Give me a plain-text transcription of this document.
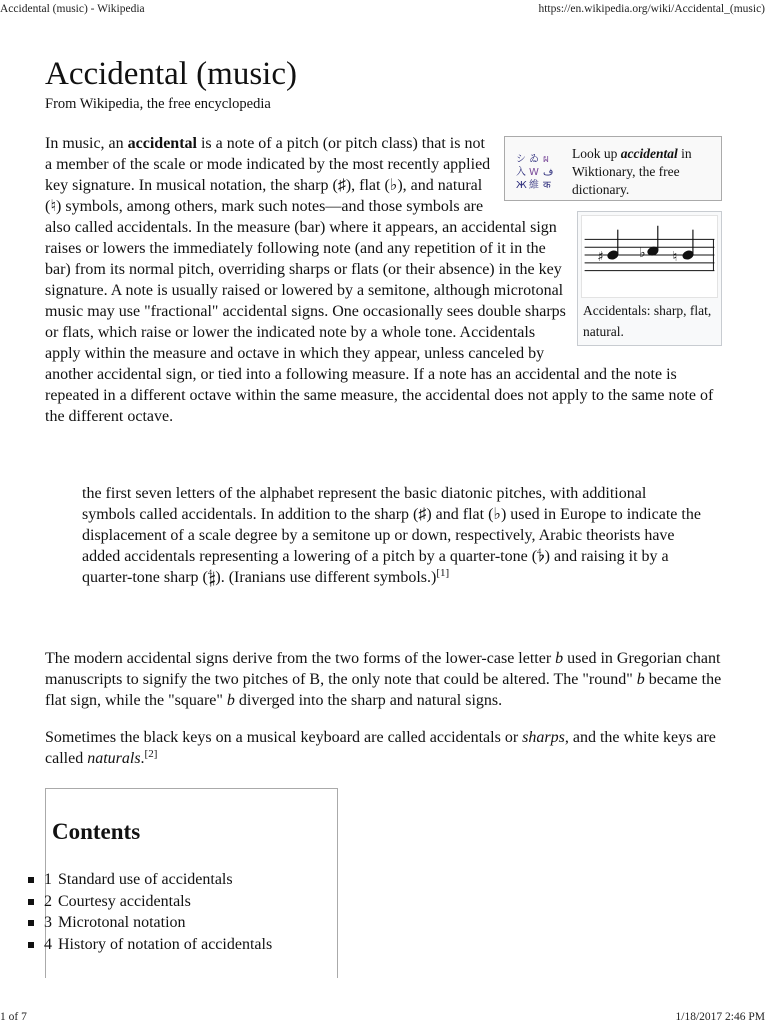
Accidental (music) - Wikipedia	https://en.wikipedia.org/wiki/Accidental_(music)
Accidental (music)

From Wikipedia, the free encyclopedia

シ ゐ ผ
入 W ف
Ж 維 क
Look up accidental in Wiktionary, the free dictionary.
♯	♭ ♮
Accidentals: sharp, flat, natural.

In music, an accidental is a note of a pitch (or pitch class) that is not a member of the scale or mode indicated by the most recently applied key signature. In musical notation, the sharp (♯), flat (♭), and natural (♮) symbols, among others, mark such notes—and those symbols are also called accidentals. In the measure (bar) where it appears, an accidental sign raises or lowers the immediately following note (and any repetition of it in the bar) from its normal pitch, overriding sharps or flats (or their absence) in the key signature. A note is usually raised or lowered by a semitone, although microtonal music may use "fractional" accidental signs. One occasionally sees double sharps or flats, which raise or lower the indicated note by a whole tone. Accidentals apply within the measure and octave in which they appear, unless canceled by another accidental sign, or tied into a following measure. If a note has an accidental and the note is repeated in a different octave within the same measure, the accidental does not apply to the same note of the different octave.

the first seven letters of the alphabet represent the basic diatonic pitches, with additional symbols called accidentals. In addition to the sharp (♯) and flat (♭) used in Europe to indicate the displacement of a scale degree by a semitone up or down, respectively, Arabic theorists have added accidentals representing a lowering of a pitch by a quarter-tone (𝄳) and raising it by a quarter-tone sharp (𝄲). (Iranians use different symbols.)[1]

The modern accidental signs derive from the two forms of the lower-case letter b used in Gregorian chant manuscripts to signify the two pitches of B, the only note that could be altered. The "round" b became the flat sign, while the "square" b diverged into the sharp and natural signs.

Sometimes the black keys on a musical keyboard are called accidentals or sharps, and the white keys are called naturals.[2]

Contents
1 Standard use of accidentals
2 Courtesy accidentals
3 Microtonal notation
4 History of notation of accidentals
1 of 7	1/18/2017 2:46 PM
